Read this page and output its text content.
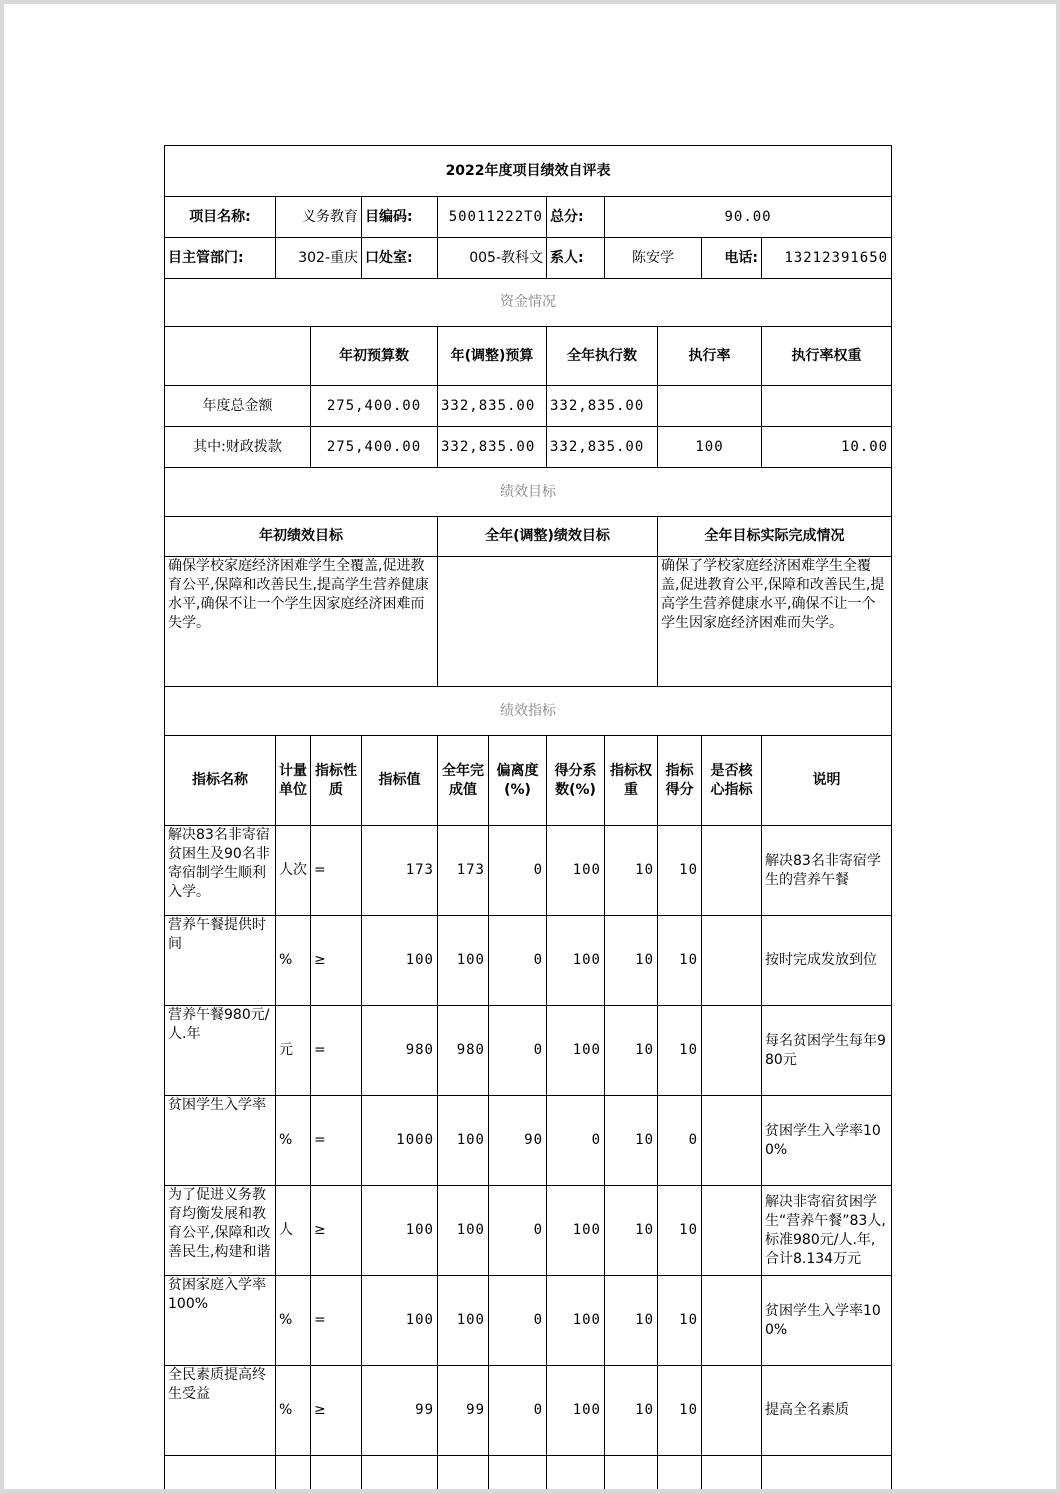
2022年度项目绩效自评表										
项目名称:	义务教育		目编码:	50011222T0		总分:	90.00			
目主管部门:	302-重庆		口处室:	005-教科文		系人:	陈安学		电话:	13212391650
资金情况										
		年初预算数		年(调整)预算		全年执行数		执行率		执行率权重
年度总金额		275,400.00		332,835.00		332,835.00				
其中:财政拨款		275,400.00		332,835.00		332,835.00		100		10.00
绩效目标										
年初绩效目标				全年(调整)绩效目标				全年目标实际完成情况		
确保学校家庭经济困难学生全覆盖,促进教育公平,保障和改善民生,提高学生营养健康水平,确保不让一个学生因家庭经济困难而失学。								确保了学校家庭经济困难学生全覆盖,促进教育公平,保障和改善民生,提高学生营养健康水平,确保不让一个学生因家庭经济困难而失学。		
绩效指标										
指标名称	计量单位	指标性质	指标值	全年完成值	偏离度(%)	得分系数(%)	指标权重	指标得分	是否核心指标	说明

解决83名非寄宿贫困生及90名非寄宿制学生顺利入学。	人次	=	173	173	0	100	10	10		解决83名非寄宿学生的营养午餐

营养午餐提供时间	%	≥	100	100	0	100	10	10		按时完成发放到位

营养午餐980元/人.年	元	=	980	980	0	100	10	10		每名贫困学生每年980元

贫困学生入学率	%	=	1000	100	90	0	10	0		贫困学生入学率100%

为了促进义务教育均衡发展和教育公平,保障和改善民生,构建和谐	人	≥	100	100	0	100	10	10		解决非寄宿贫困学生“营养午餐”83人,标准980元/人.年,合计8.134万元

贫困家庭入学率100%	%	=	100	100	0	100	10	10		贫困学生入学率100%

全民素质提高终生受益	%	≥	99	99	0	100	10	10		提高全名素质
